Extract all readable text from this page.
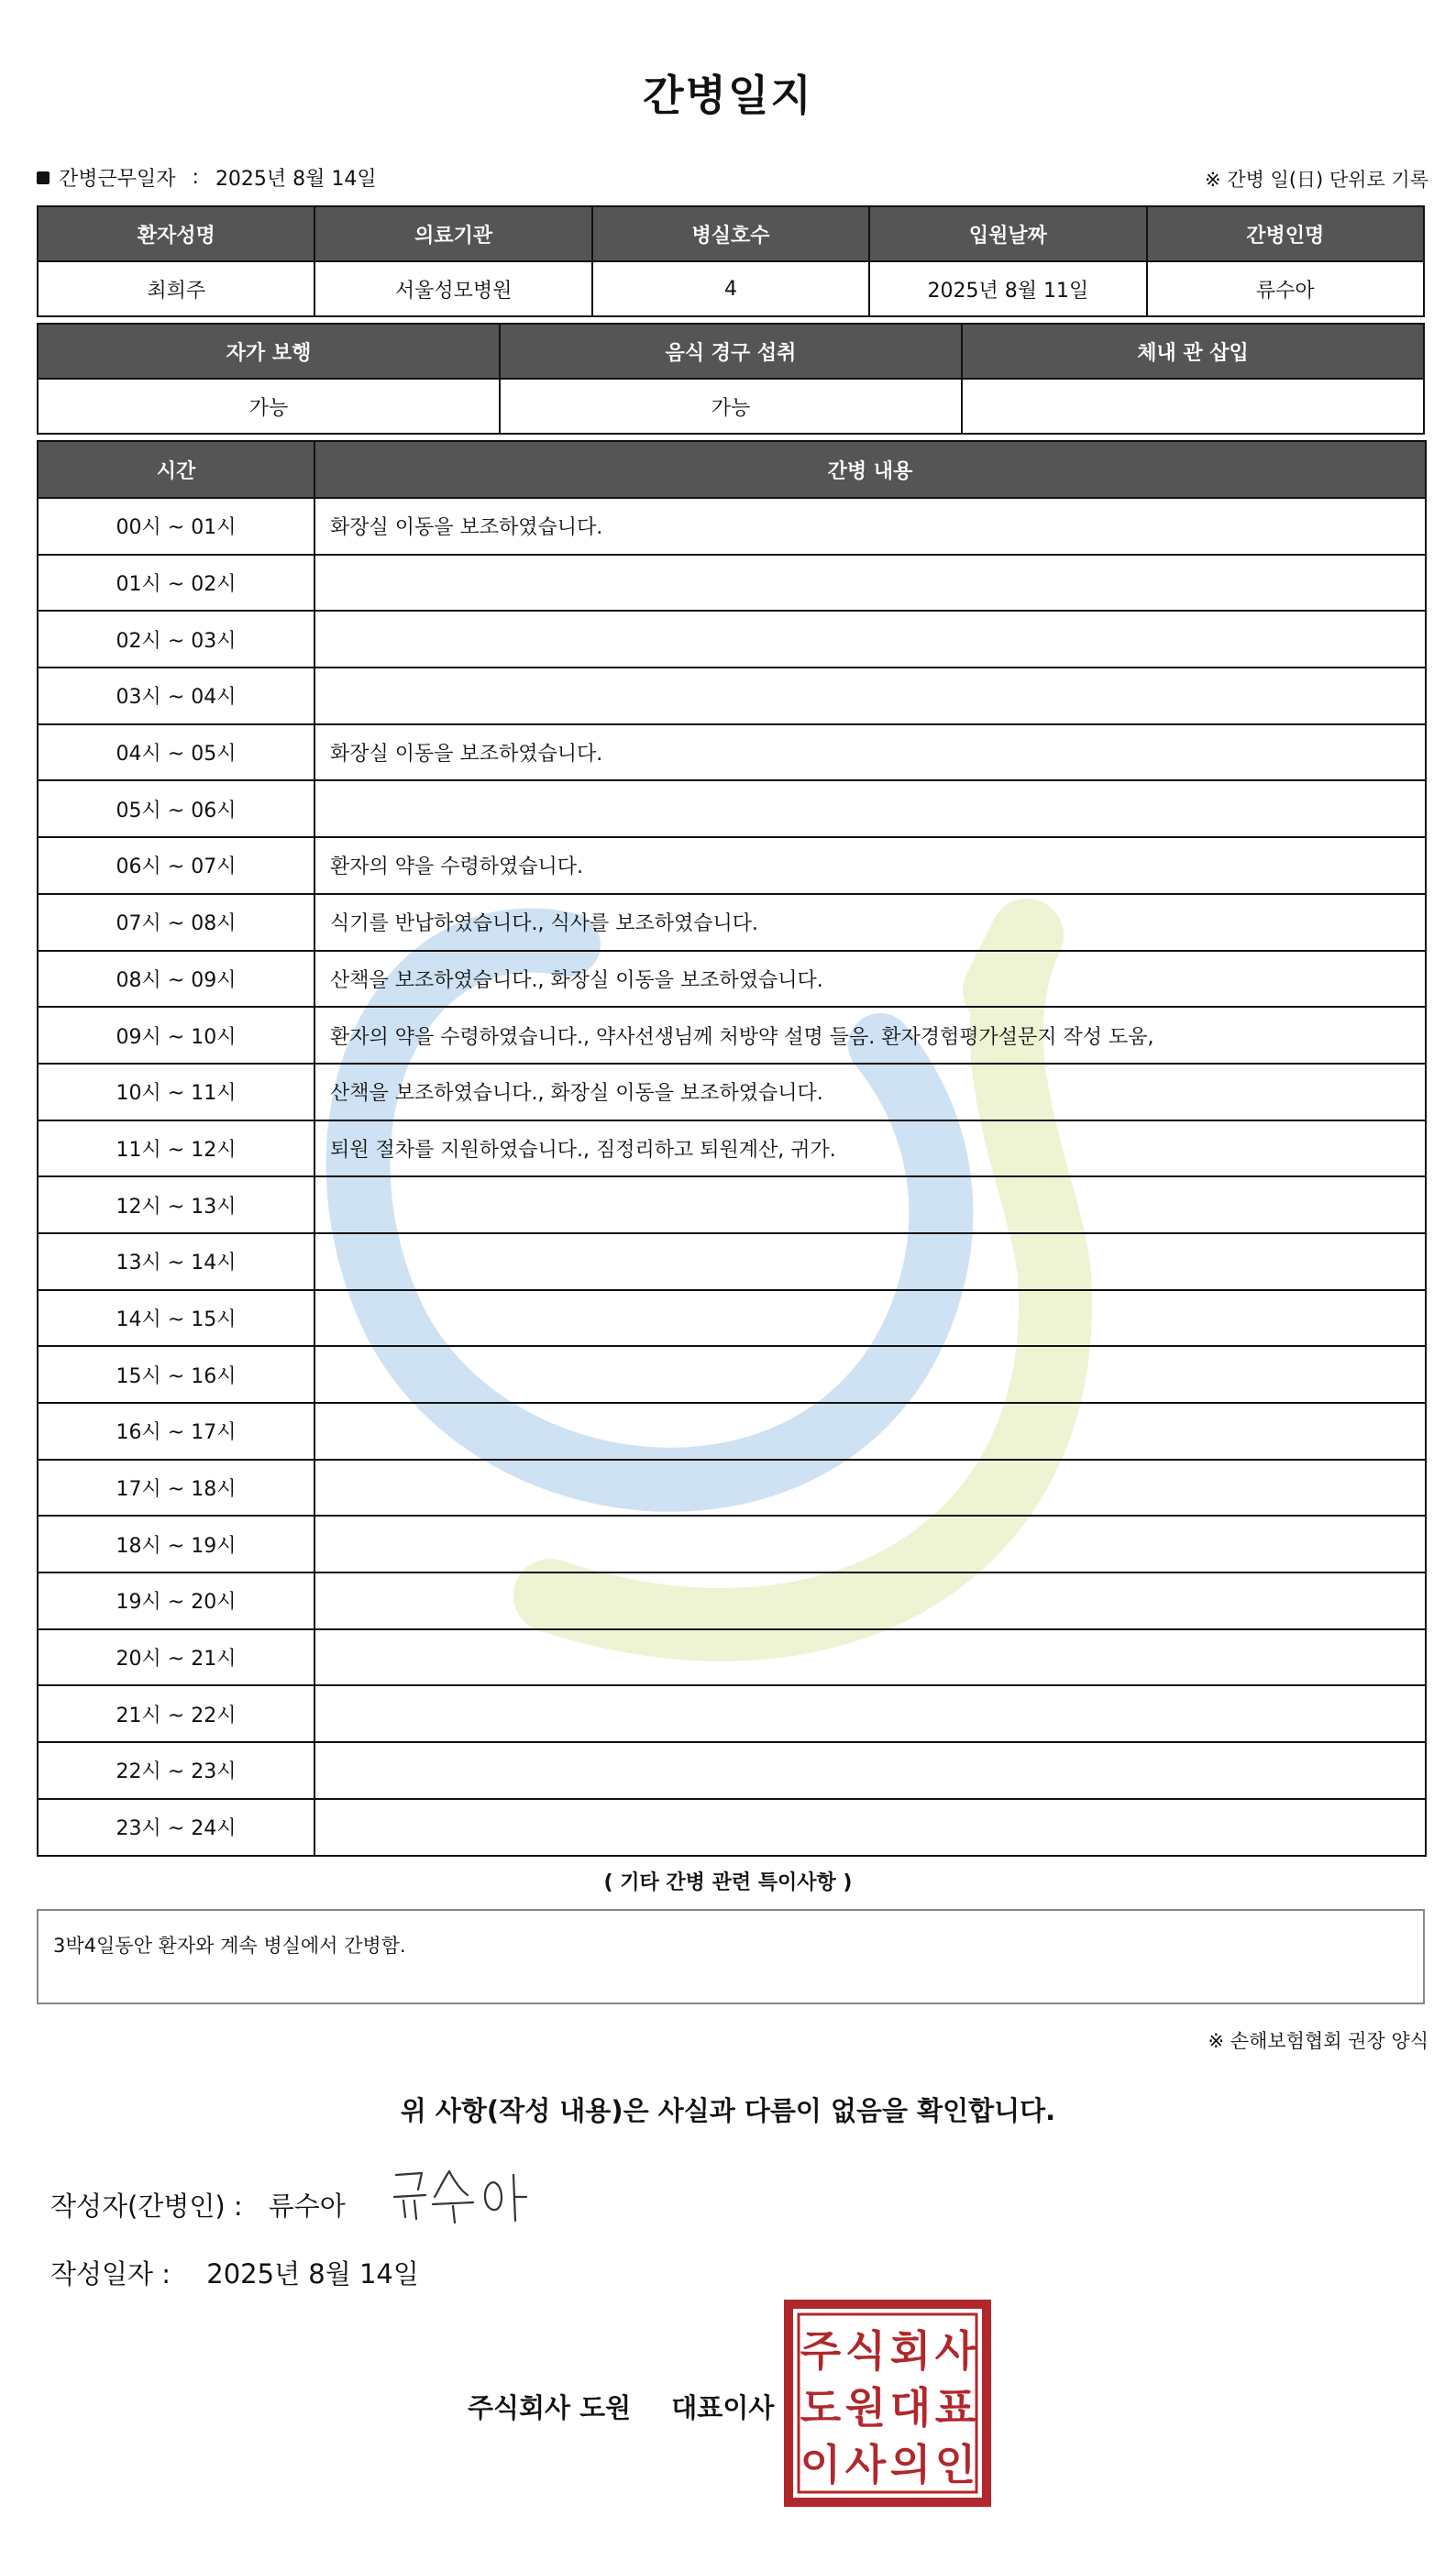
간병일지
간병근무일자 : 2025년 8월 14일	※ 간병 일(日) 단위로 기록
환자성명	의료기관	병실호수	입원날짜	간병인명
최희주	서울성모병원	4	2025년 8월 11일	류수아
자가 보행	음식 경구 섭취	체내 관 삽입
가능	가능	
시간	간병 내용
00시 ~ 01시	화장실 이동을 보조하였습니다.
01시 ~ 02시	
02시 ~ 03시	
03시 ~ 04시	
04시 ~ 05시	화장실 이동을 보조하였습니다.
05시 ~ 06시	
06시 ~ 07시	환자의 약을 수령하였습니다.
07시 ~ 08시	식기를 반납하였습니다., 식사를 보조하였습니다.
08시 ~ 09시	산책을 보조하였습니다., 화장실 이동을 보조하였습니다.
09시 ~ 10시	환자의 약을 수령하였습니다., 약사선생님께 처방약 설명 들음. 환자경험평가설문지 작성 도움,
10시 ~ 11시	산책을 보조하였습니다., 화장실 이동을 보조하였습니다.
11시 ~ 12시	퇴원 절차를 지원하였습니다., 짐정리하고 퇴원계산, 귀가.
12시 ~ 13시	
13시 ~ 14시	
14시 ~ 15시	
15시 ~ 16시	
16시 ~ 17시	
17시 ~ 18시	
18시 ~ 19시	
19시 ~ 20시	
20시 ~ 21시	
21시 ~ 22시	
22시 ~ 23시	
23시 ~ 24시	
( 기타 간병 관련 특이사항 )
3박4일동안 환자와 계속 병실에서 간병함.
※ 손해보험협회 권장 양식
위 사항(작성 내용)은 사실과 다름이 없음을 확인합니다.
작성자(간병인) : 류수아
작성일자 : 2025년 8월 14일
주식회사 도원 대표이사
주 식 회 사
도 원 대 표
이 사 의 인
